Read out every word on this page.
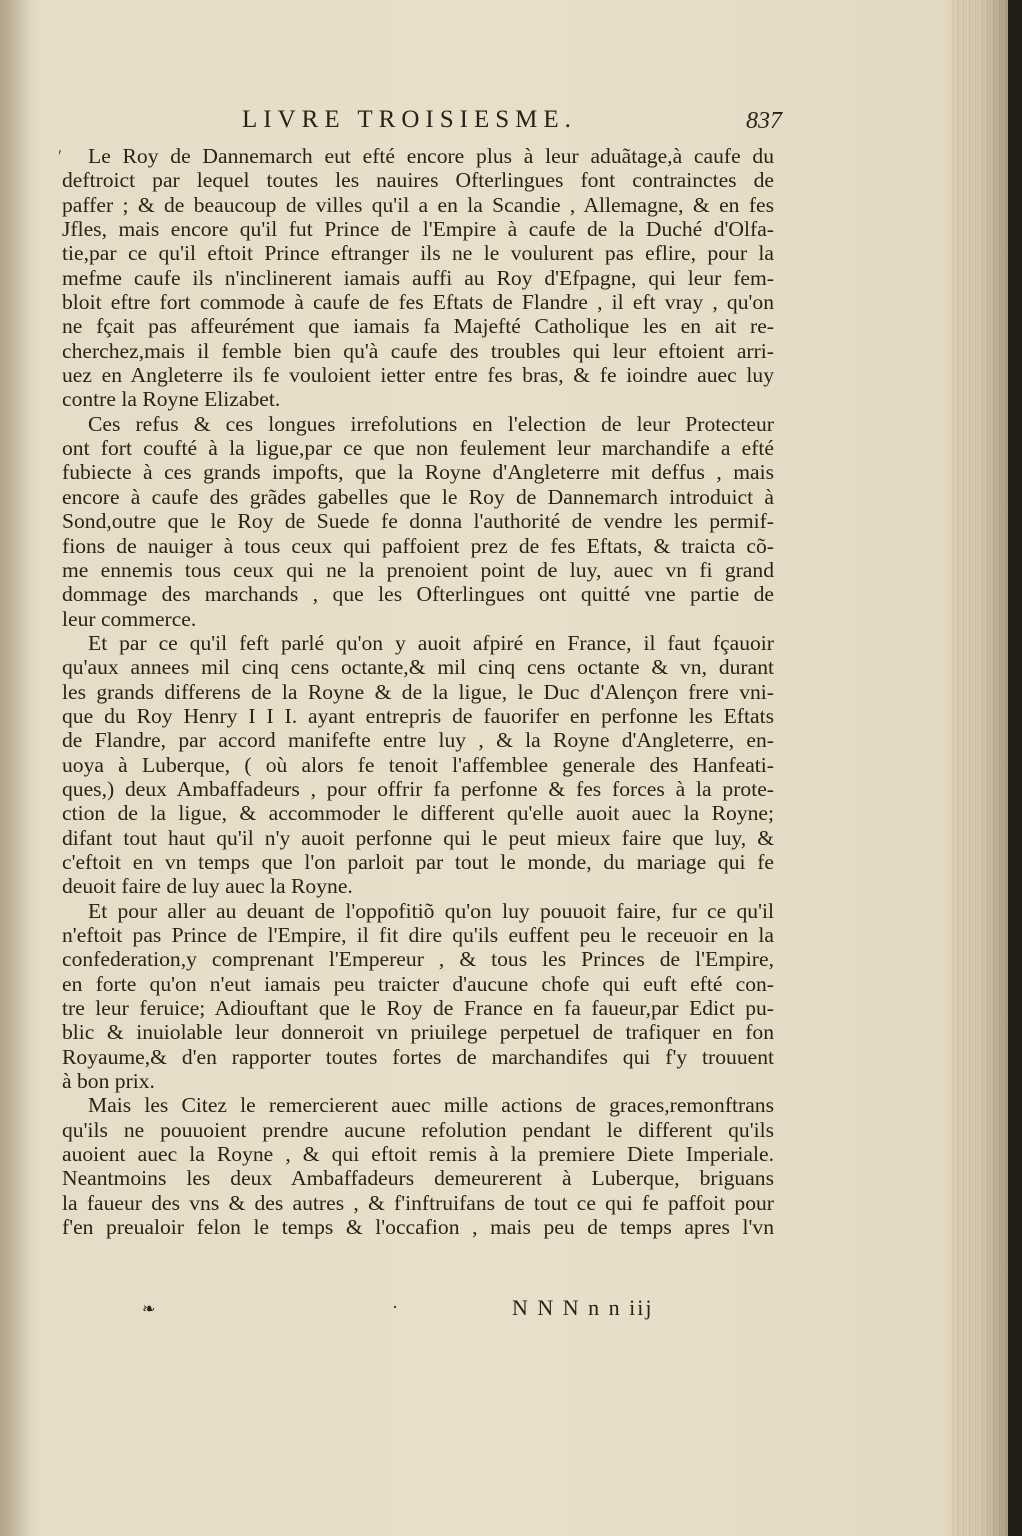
LIVRE TROISIESME.	837
ʹ	Le Roy de Dannemarch eut efté encore plus à leur aduãtage,à caufe du
deftroict par lequel toutes les nauires Ofterlingues font contrainctes de
paffer ; & de beaucoup de villes qu'il a en la Scandie , Allemagne, & en fes
Jfles, mais encore qu'il fut Prince de l'Empire à caufe de la Duché d'Olfa-
tie,par ce qu'il eftoit Prince eftranger ils ne le voulurent pas eflire, pour la
mefme caufe ils n'inclinerent iamais auffi au Roy d'Efpagne, qui leur fem-
bloit eftre fort commode à caufe de fes Eftats de Flandre , il eft vray , qu'on
ne fçait pas affeurément que iamais fa Majefté Catholique les en ait re-
cherchez,mais il femble bien qu'à caufe des troubles qui leur eftoient arri-
uez en Angleterre ils fe vouloient ietter entre fes bras, & fe ioindre auec luy
contre la Royne Elizabet.
Ces refus & ces longues irrefolutions en l'election de leur Protecteur
ont fort coufté à la ligue,par ce que non feulement leur marchandife a efté
fubiecte à ces grands impofts, que la Royne d'Angleterre mit deffus , mais
encore à caufe des grãdes gabelles que le Roy de Dannemarch introduict à
Sond,outre que le Roy de Suede fe donna l'authorité de vendre les permif-
fions de nauiger à tous ceux qui paffoient prez de fes Eftats, & traicta cõ-
me ennemis tous ceux qui ne la prenoient point de luy, auec vn fi grand
dommage des marchands , que les Ofterlingues ont quitté vne partie de
leur commerce.
Et par ce qu'il feft parlé qu'on y auoit afpiré en France, il faut fçauoir
qu'aux annees mil cinq cens octante,& mil cinq cens octante & vn, durant
les grands differens de la Royne & de la ligue, le Duc d'Alençon frere vni-
que du Roy Henry I I I. ayant entrepris de fauorifer en perfonne les Eftats
de Flandre, par accord manifefte entre luy , & la Royne d'Angleterre, en-
uoya à Luberque, ( où alors fe tenoit l'affemblee generale des Hanfeati-
ques,) deux Ambaffadeurs , pour offrir fa perfonne & fes forces à la prote-
ction de la ligue, & accommoder le different qu'elle auoit auec la Royne;
difant tout haut qu'il n'y auoit perfonne qui le peut mieux faire que luy, &
c'eftoit en vn temps que l'on parloit par tout le monde, du mariage qui fe
deuoit faire de luy auec la Royne.
Et pour aller au deuant de l'oppofitiõ qu'on luy pouuoit faire, fur ce qu'il
n'eftoit pas Prince de l'Empire, il fit dire qu'ils euffent peu le receuoir en la
confederation,y comprenant l'Empereur , & tous les Princes de l'Empire,
en forte qu'on n'eut iamais peu traicter d'aucune chofe qui euft efté con-
tre leur feruice; Adiouftant que le Roy de France en fa faueur,par Edict pu-
blic & inuiolable leur donneroit vn priuilege perpetuel de trafiquer en fon
Royaume,& d'en rapporter toutes fortes de marchandifes qui f'y trouuent
à bon prix.
Mais les Citez le remercierent auec mille actions de graces,remonftrans
qu'ils ne pouuoient prendre aucune refolution pendant le different qu'ils
auoient auec la Royne , & qui eftoit remis à la premiere Diete Imperiale.
Neantmoins les deux Ambaffadeurs demeurerent à Luberque, briguans
la faueur des vns & des autres , & f'inftruifans de tout ce qui fe paffoit pour
f'en preualoir felon le temps & l'occafion , mais peu de temps apres l'vn
❧	·	N N N n n iij
